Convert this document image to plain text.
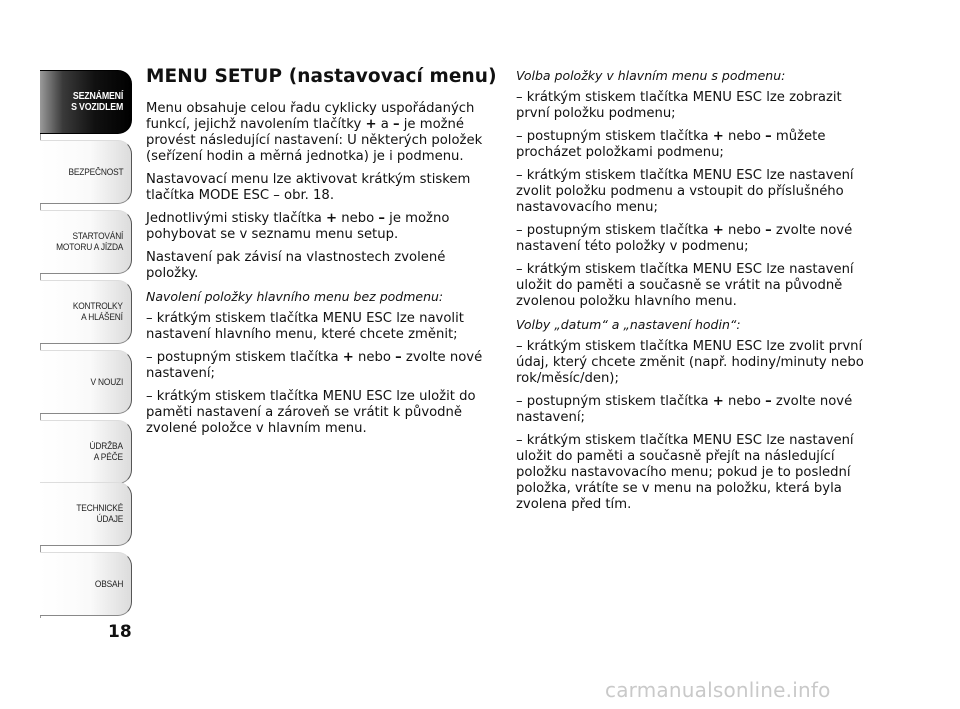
SEZNÁMENÍ
S VOZIDLEM
BEZPEČNOST
STARTOVÁNÍ
MOTORU A JÍZDA
KONTROLKY
A HLÁŠENÍ
V NOUZI
ÚDRŽBA
A PÉČE
TECHNICKÉ
ÚDAJE
OBSAH
18
MENU SETUP (nastavovací menu)

Menu obsahuje celou řadu cyklicky uspořádaných funkcí, jejichž navolením tlačítky + a – je možné provést následující nastavení: U některých položek (seřízení hodin a měrná jednotka) je i podmenu.

Nastavovací menu lze aktivovat krátkým stiskem tlačítka MODE ESC – obr. 18.

Jednotlivými stisky tlačítka + nebo – je možno pohybovat se v seznamu menu setup.

Nastavení pak závisí na vlastnostech zvolené položky.

Navolení položky hlavního menu bez podmenu:

– krátkým stiskem tlačítka MENU ESC lze navolit nastavení hlavního menu, které chcete změnit;

– postupným stiskem tlačítka + nebo – zvolte nové nastavení;

– krátkým stiskem tlačítka MENU ESC lze uložit do paměti nastavení a zároveň se vrátit k původně zvolené položce v hlavním menu.

Volba položky v hlavním menu s podmenu:

– krátkým stiskem tlačítka MENU ESC lze zobrazit první položku podmenu;

– postupným stiskem tlačítka + nebo – můžete procházet položkami podmenu;

– krátkým stiskem tlačítka MENU ESC lze nastavení zvolit položku podmenu a vstoupit do příslušného nastavovacího menu;

– postupným stiskem tlačítka + nebo – zvolte nové nastavení této položky v podmenu;

– krátkým stiskem tlačítka MENU ESC lze nastavení uložit do paměti a současně se vrátit na původně zvolenou položku hlavního menu.

Volby „datum“ a „nastavení hodin“:

– krátkým stiskem tlačítka MENU ESC lze zvolit první údaj, který chcete změnit (např. hodiny/minuty nebo rok/měsíc/den);

– postupným stiskem tlačítka + nebo – zvolte nové nastavení;

– krátkým stiskem tlačítka MENU ESC lze nastavení uložit do paměti a současně přejít na následující položku nastavovacího menu; pokud je to poslední položka, vrátíte se v menu na položku, která byla zvolena před tím.

carmanualsonline.info
